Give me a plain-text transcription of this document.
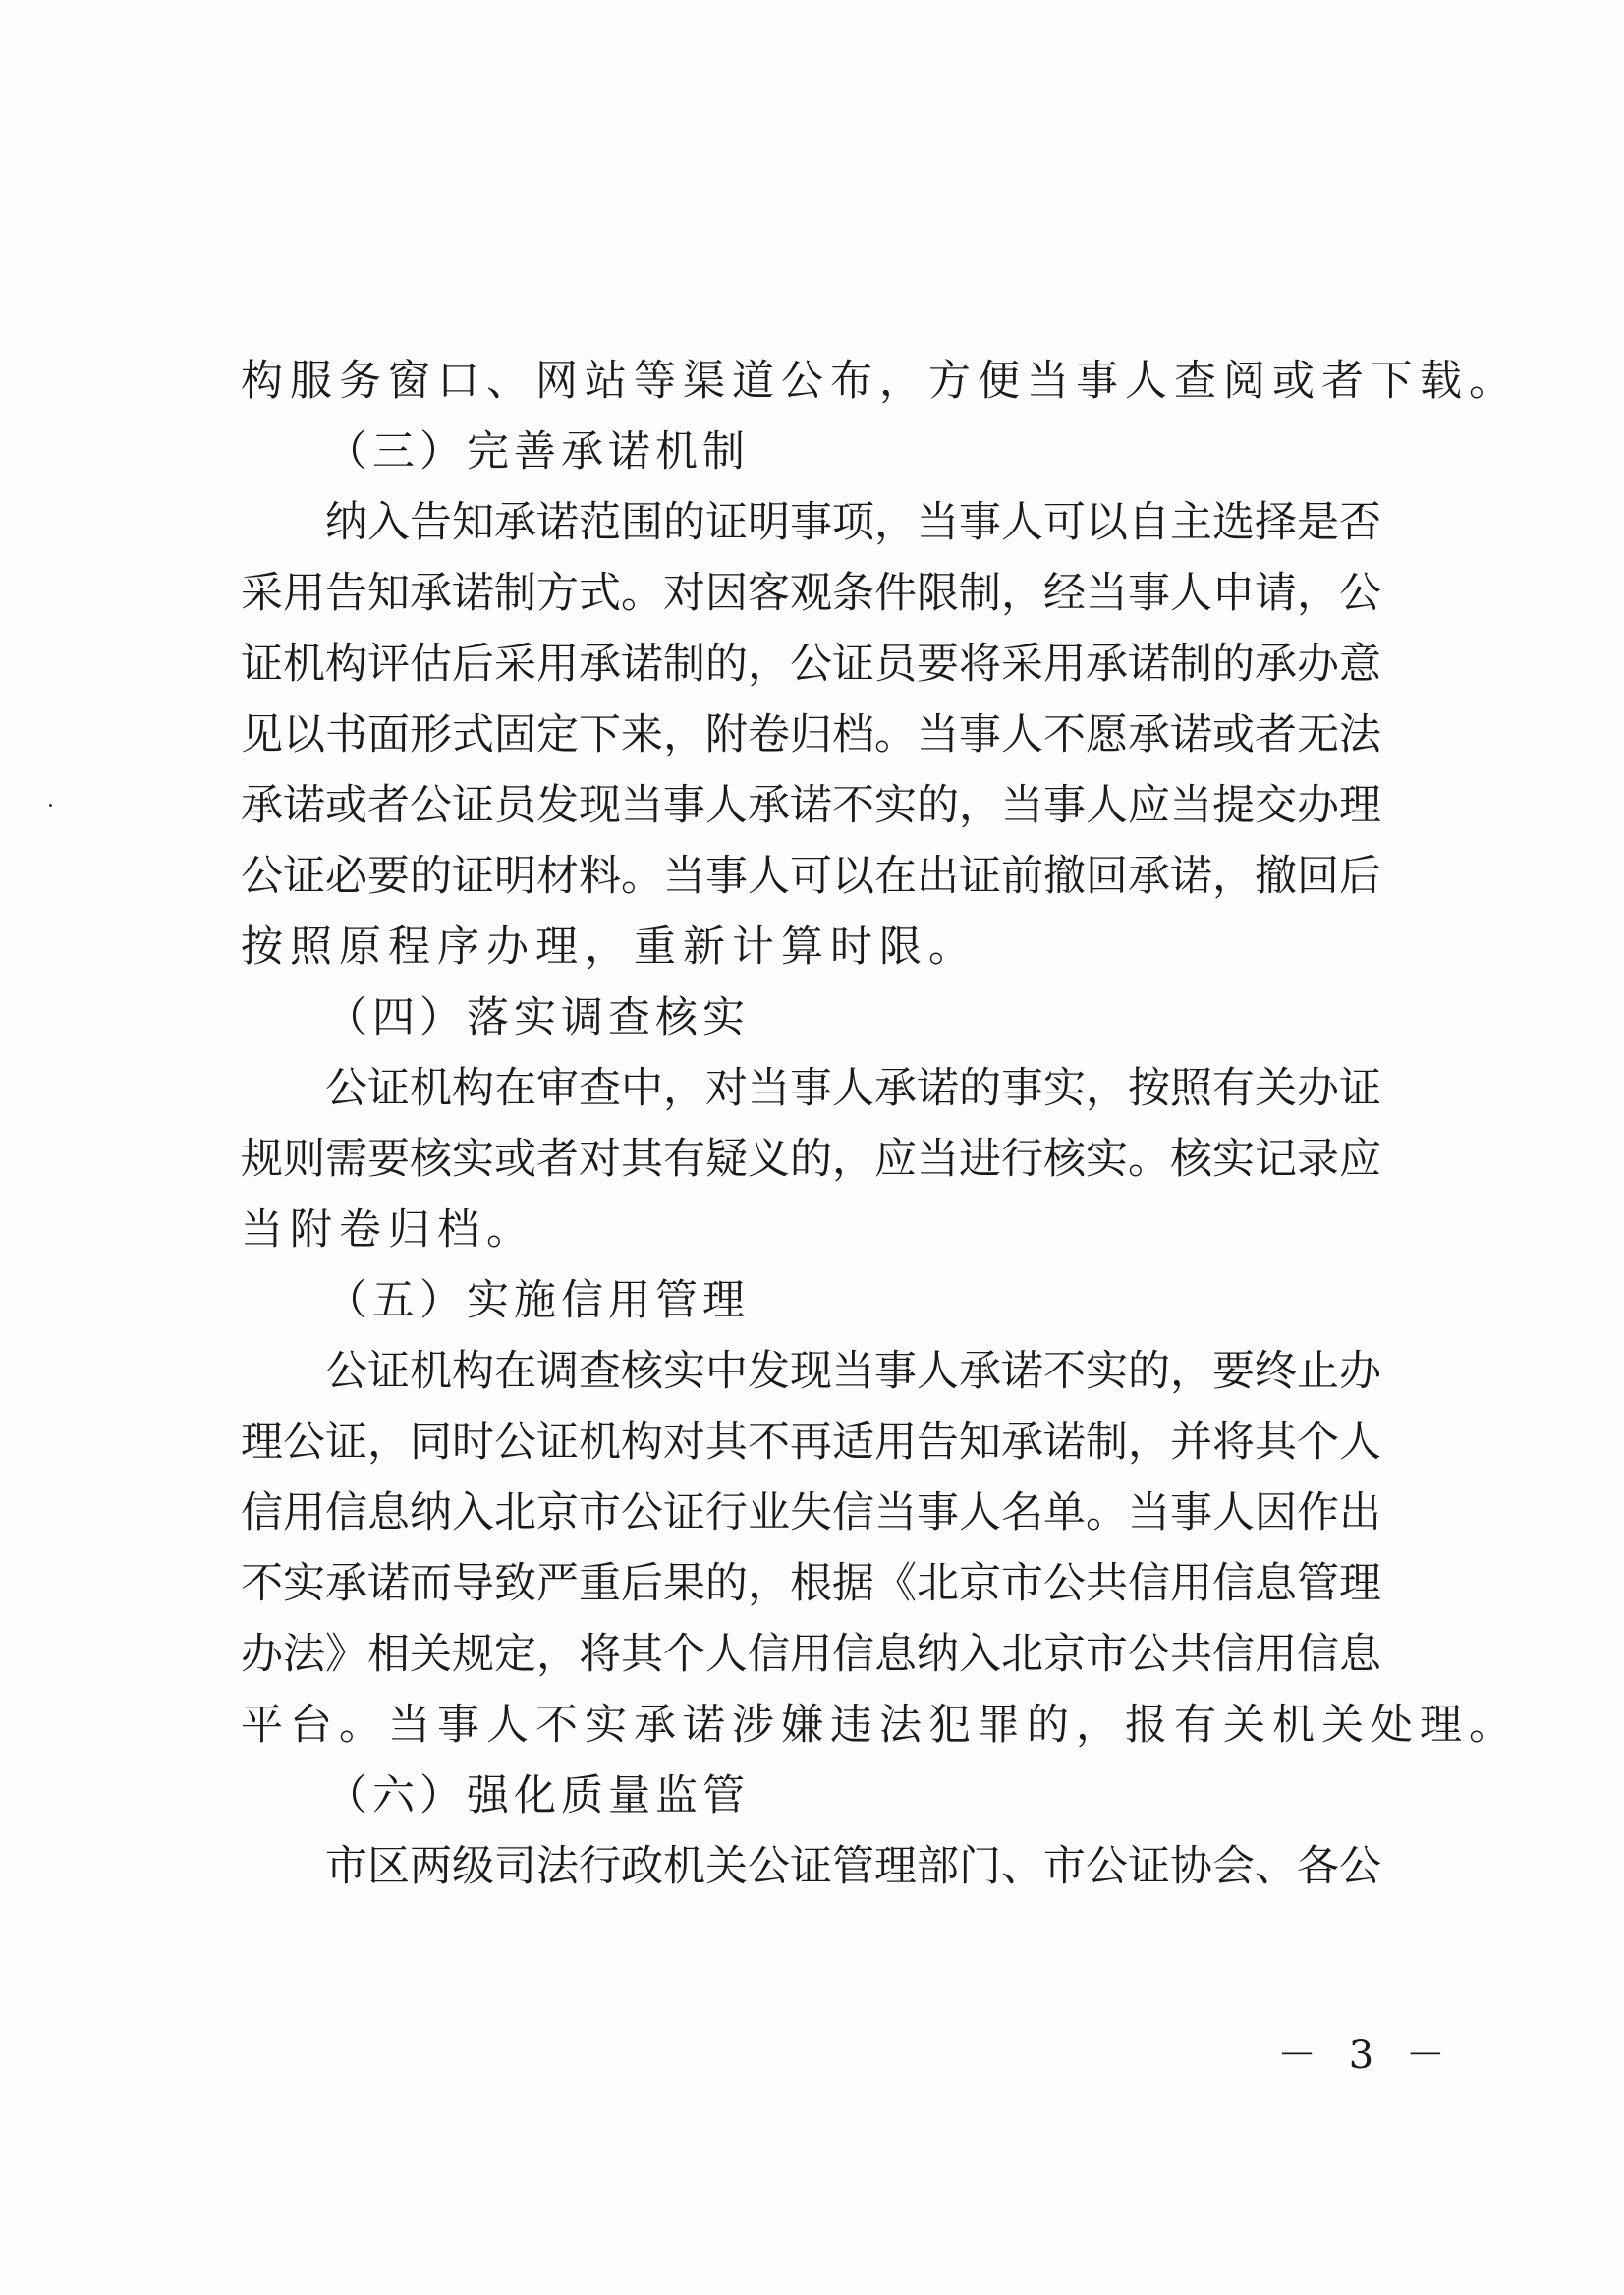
构服务窗口、网站等渠道公布，方便当事人查阅或者下载。
（三）完善承诺机制
纳入告知承诺范围的证明事项，当事人可以自主选择是否
采用告知承诺制方式。对因客观条件限制，经当事人申请，公
证机构评估后采用承诺制的，公证员要将采用承诺制的承办意
见以书面形式固定下来，附卷归档。当事人不愿承诺或者无法
承诺或者公证员发现当事人承诺不实的，当事人应当提交办理
公证必要的证明材料。当事人可以在出证前撤回承诺，撤回后
按照原程序办理，重新计算时限。
（四）落实调查核实
公证机构在审查中，对当事人承诺的事实，按照有关办证
规则需要核实或者对其有疑义的，应当进行核实。核实记录应
当附卷归档。
（五）实施信用管理
公证机构在调查核实中发现当事人承诺不实的，要终止办
理公证，同时公证机构对其不再适用告知承诺制，并将其个人
信用信息纳入北京市公证行业失信当事人名单。当事人因作出
不实承诺而导致严重后果的，根据《北京市公共信用信息管理
办法》相关规定，将其个人信用信息纳入北京市公共信用信息
平台。当事人不实承诺涉嫌违法犯罪的，报有关机关处理。
（六）强化质量监管
市区两级司法行政机关公证管理部门、市公证协会、各公
－ 3 －
